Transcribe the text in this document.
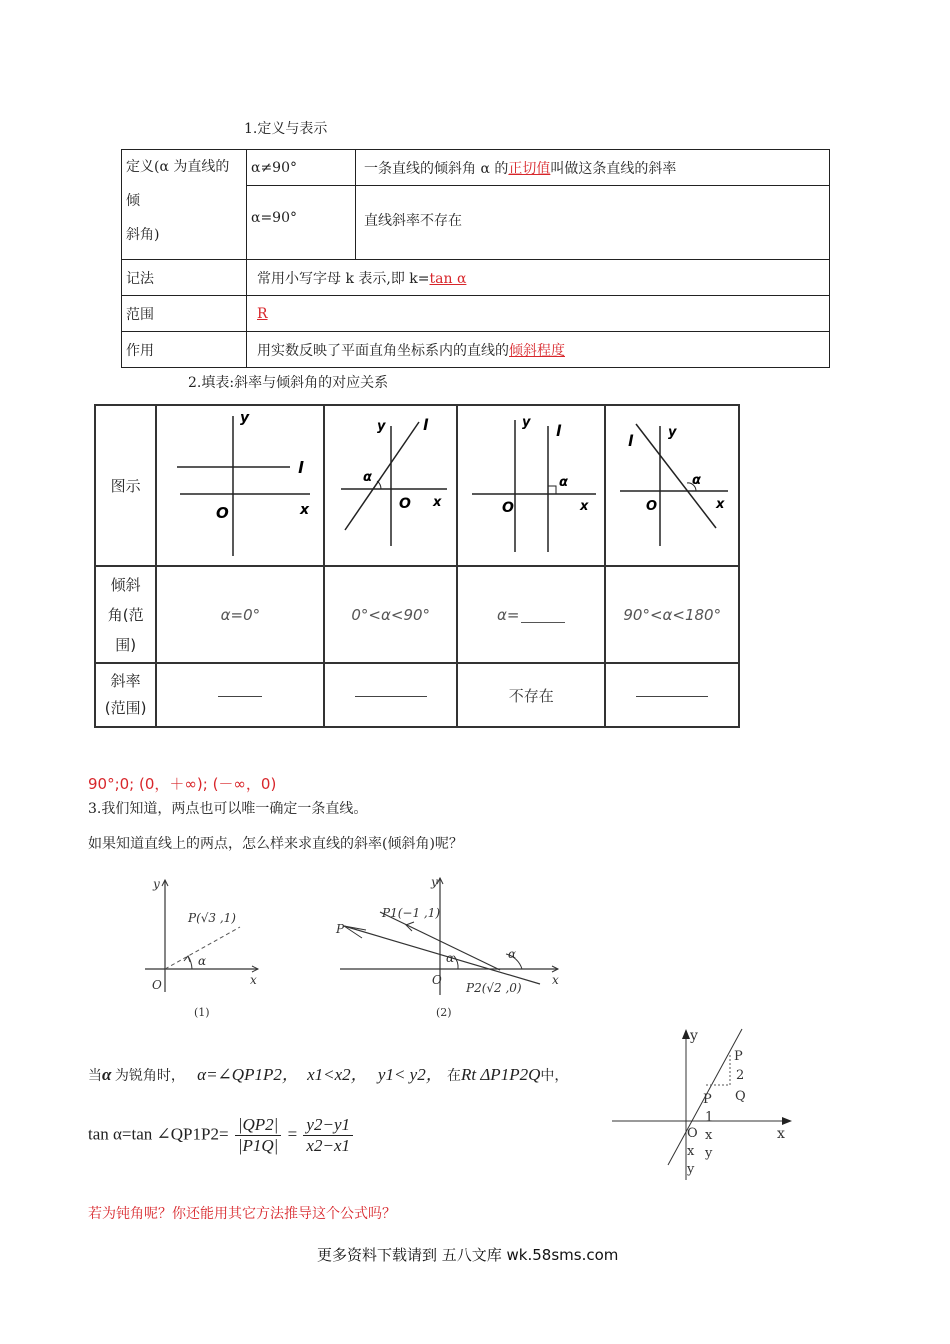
1.定义与表示
定义(α 为直线的
倾
斜角)	α≠90°	一条直线的倾斜角 α 的正切值叫做这条直线的斜率
	α=90°	直线斜率不存在
记法	常用小写字母 k 表示,即 k=tan α	
范围	R	
作用	用实数反映了平面直角坐标系内的直线的倾斜程度	
2.填表:斜率与倾斜角的对应关系
图示	y
l
x
O	y l
α
O x	y l
α
O x	y
l
α
O x

倾斜角(范围)	α=0°	0°<α<90°	α=	90°<α<180°

斜率(范围)			不存在	
90°;0; (0，＋∞); (－∞，0)
3.我们知道，两点也可以唯一确定一条直线。
如果知道直线上的两点，怎么样来求直线的斜率(倾斜角)呢？
y
x
O
P(√3 ,1)
α
(1)
y
x
O
P
P1(−1 ,1)
P2(√2 ,0)
α	α
(2)
当α 为锐角时， α=∠QP1P2， x1<x2， y1< y2， 在Rt ΔP1P2Q中，
tan α=tan ∠QP1P2= $\frac{|QP2|}{|P1Q|} = \frac{y2-y1}{x2-x1}$
y
x
P
2
Q
P
1
x
y
O
x
y
若为钝角呢？你还能用其它方法推导这个公式吗？
更多资料下载请到 五八文库 wk.58sms.com
